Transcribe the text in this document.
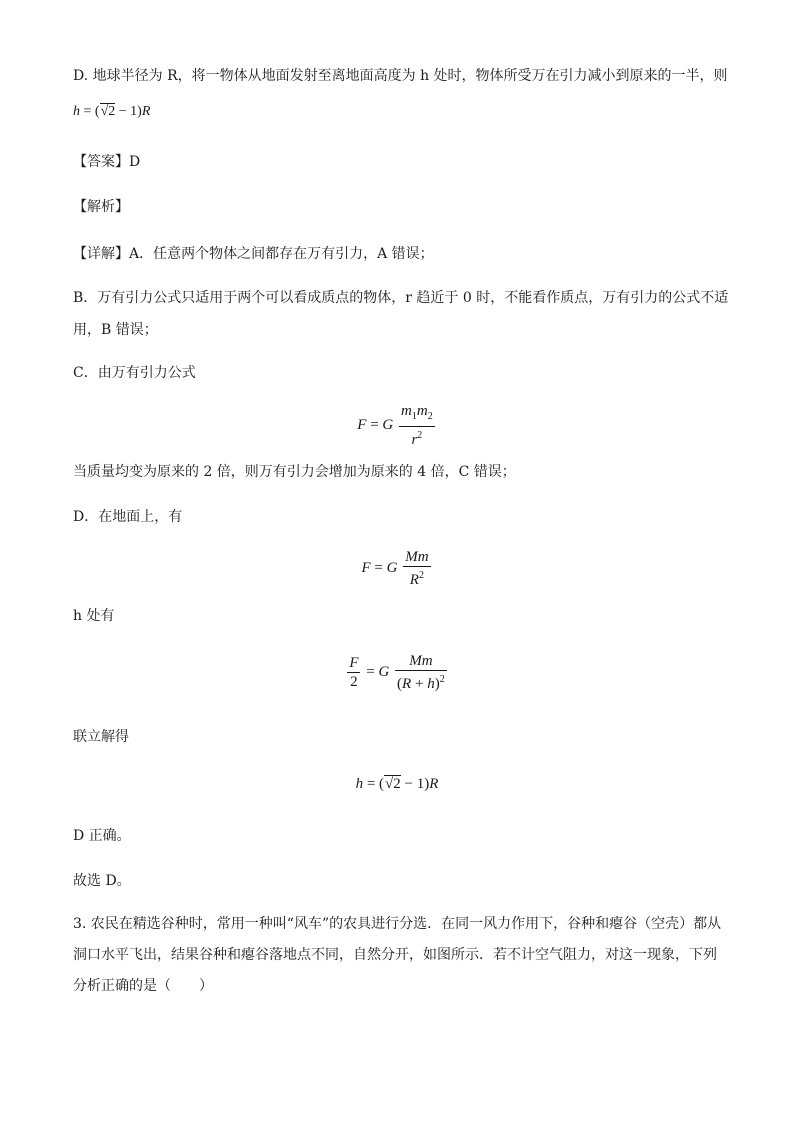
D. 地球半径为 R，将一物体从地面发射至离地面高度为 h 处时，物体所受万在引力减小到原来的一半，则
h = (√2 − 1)R
【答案】D
【解析】
【详解】A．任意两个物体之间都存在万有引力，A 错误；
B．万有引力公式只适用于两个可以看成质点的物体，r 趋近于 0 时，不能看作质点，万有引力的公式不适
用，B 错误；
C．由万有引力公式
F = G $\frac{m_1m_2}{r^2}$
当质量均变为原来的 2 倍，则万有引力会增加为原来的 4 倍，C 错误；
D．在地面上，有
F = G $\frac{Mm}{R^2}$
h 处有
$\frac{F}{2} = G \frac{Mm}{(R + h)^2}$
联立解得
h = (√2 − 1)R
D 正确。
故选 D。
3. 农民在精选谷种时，常用一种叫“风车”的农具进行分选．在同一风力作用下，谷种和瘪谷（空壳）都从
洞口水平飞出，结果谷种和瘪谷落地点不同，自然分开，如图所示．若不计空气阻力，对这一现象，下列
分析正确的是（　　）
